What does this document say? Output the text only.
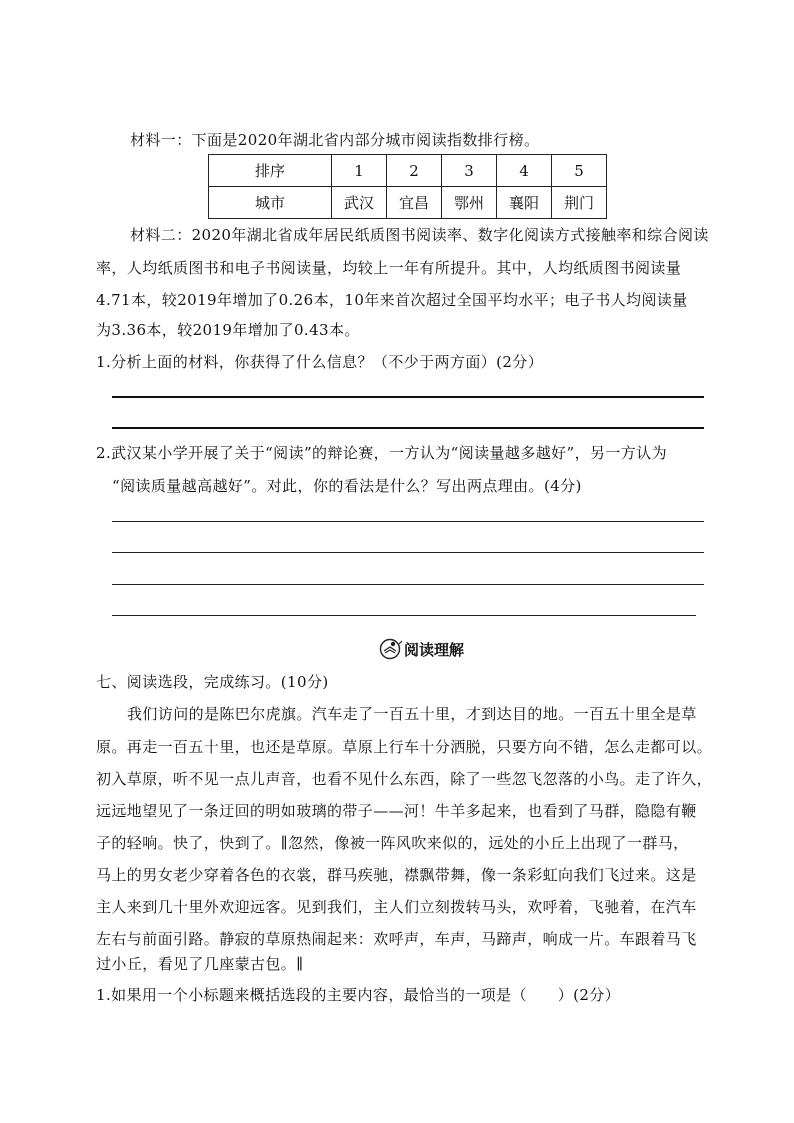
材料一：下面是2020年湖北省内部分城市阅读指数排行榜。
排序	1	2	3	4	5
城市	武汉	宜昌	鄂州	襄阳	荆门
材料二：2020年湖北省成年居民纸质图书阅读率、数字化阅读方式接触率和综合阅读
率，人均纸质图书和电子书阅读量，均较上一年有所提升。其中，人均纸质图书阅读量
4.71本，较2019年增加了0.26本，10年来首次超过全国平均水平；电子书人均阅读量
为3.36本，较2019年增加了0.43本。
1.分析上面的材料，你获得了什么信息？（不少于两方面）(2分）
2.武汉某小学开展了关于“阅读”的辩论赛，一方认为“阅读量越多越好”，另一方认为
“阅读质量越高越好”。对此，你的看法是什么？写出两点理由。(4分)
阅读理解
七、阅读选段，完成练习。(10分)
我们访问的是陈巴尔虎旗。汽车走了一百五十里，才到达目的地。一百五十里全是草
原。再走一百五十里，也还是草原。草原上行车十分洒脱，只要方向不错，怎么走都可以。
初入草原，听不见一点儿声音，也看不见什么东西，除了一些忽飞忽落的小鸟。走了许久，
远远地望见了一条迂回的明如玻璃的带子——河！牛羊多起来，也看到了马群，隐隐有鞭
子的轻响。快了，快到了。∥忽然，像被一阵风吹来似的，远处的小丘上出现了一群马，
马上的男女老少穿着各色的衣裳，群马疾驰，襟飘带舞，像一条彩虹向我们飞过来。这是
主人来到几十里外欢迎远客。见到我们，主人们立刻拨转马头，欢呼着，飞驰着，在汽车
左右与前面引路。静寂的草原热闹起来：欢呼声，车声，马蹄声，响成一片。车跟着马飞
过小丘，看见了几座蒙古包。∥
1.如果用一个小标题来概括选段的主要内容，最恰当的一项是（　　）(2分）
